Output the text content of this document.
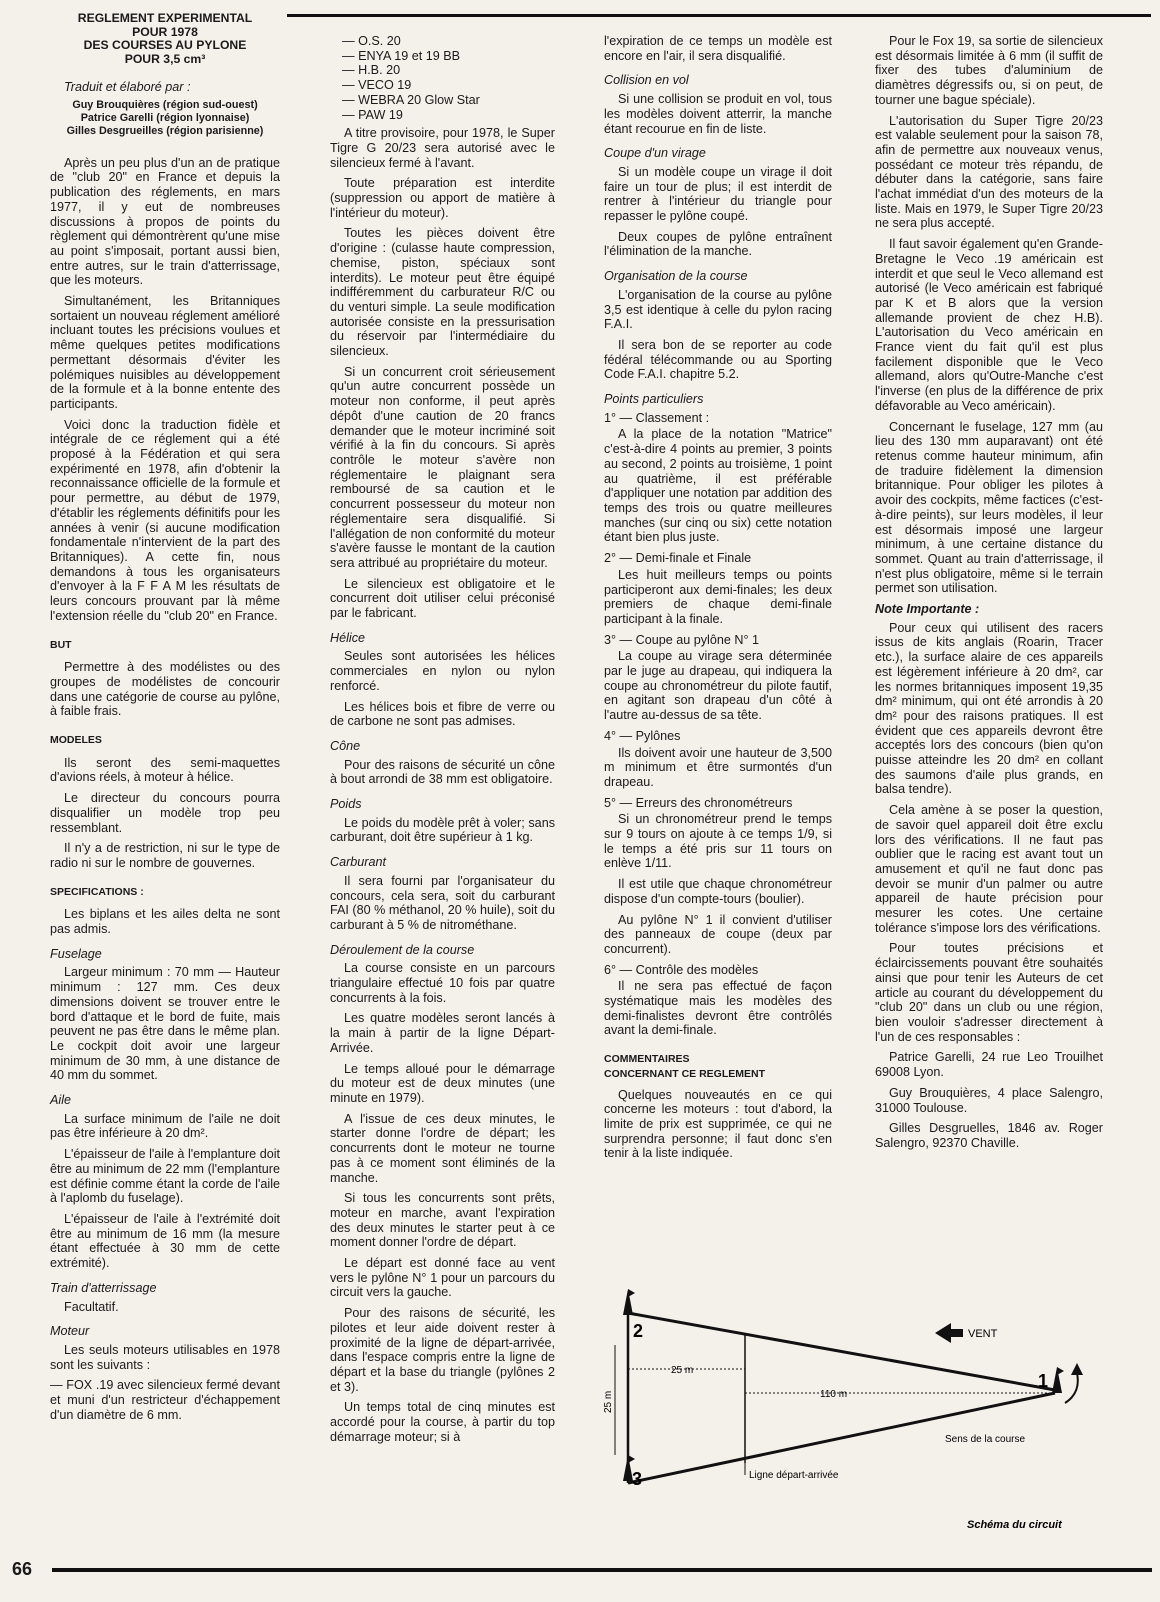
REGLEMENT EXPERIMENTAL
POUR 1978
DES COURSES AU PYLONE
POUR 3,5 cm³
Traduit et élaboré par :
Guy Brouquières (région sud-ouest)
Patrice Garelli (région lyonnaise)
Gilles Desgrueilles (région parisienne)

Après un peu plus d'un an de pratique de "club 20" en France et depuis la publication des réglements, en mars 1977, il y eut de nombreuses discussions à propos de points du règlement qui démontrèrent qu'une mise au point s'imposait, portant aussi bien, entre autres, sur le train d'atterrissage, que les moteurs.

Simultanément, les Britanniques sortaient un nouveau réglement amélioré incluant toutes les précisions voulues et même quelques petites modifications permettant désormais d'éviter les polémiques nuisibles au développement de la formule et à la bonne entente des participants.

Voici donc la traduction fidèle et intégrale de ce réglement qui a été proposé à la Fédération et qui sera expérimenté en 1978, afin d'obtenir la reconnaissance officielle de la formule et pour permettre, au début de 1979, d'établir les réglements définitifs pour les années à venir (si aucune modification fondamentale n'intervient de la part des Britanniques). A cette fin, nous demandons à tous les organisateurs d'envoyer à la F F A M les résultats de leurs concours prouvant par là même l'extension réelle du "club 20" en France.

BUT

Permettre à des modélistes ou des groupes de modélistes de concourir dans une catégorie de course au pylône, à faible frais.

MODELES

Ils seront des semi-maquettes d'avions réels, à moteur à hélice.

Le directeur du concours pourra disqualifier un modèle trop peu ressemblant.

Il n'y a de restriction, ni sur le type de radio ni sur le nombre de gouvernes.

SPECIFICATIONS :

Les biplans et les ailes delta ne sont pas admis.

Fuselage

Largeur minimum : 70 mm — Hauteur minimum : 127 mm. Ces deux dimensions doivent se trouver entre le bord d'attaque et le bord de fuite, mais peuvent ne pas être dans le même plan. Le cockpit doit avoir une largeur minimum de 30 mm, à une distance de 40 mm du sommet.

Aile

La surface minimum de l'aile ne doit pas être inférieure à 20 dm².

L'épaisseur de l'aile à l'emplanture doit être au minimum de 22 mm (l'emplanture est définie comme étant la corde de l'aile à l'aplomb du fuselage).

L'épaisseur de l'aile à l'extrémité doit être au minimum de 16 mm (la mesure étant effectuée à 30 mm de cette extrémité).

Train d'atterrissage

Facultatif.

Moteur

Les seuls moteurs utilisables en 1978 sont les suivants :

— FOX .19 avec silencieux fermé devant et muni d'un restricteur d'échappement d'un diamètre de 6 mm.

— O.S. 20
— ENYA 19 et 19 BB
— H.B. 20
— VECO 19
— WEBRA 20 Glow Star
— PAW 19

A titre provisoire, pour 1978, le Super Tigre G 20/23 sera autorisé avec le silencieux fermé à l'avant.

Toute préparation est interdite (suppression ou apport de matière à l'intérieur du moteur).

Toutes les pièces doivent être d'origine : (culasse haute compression, chemise, piston, spéciaux sont interdits). Le moteur peut être équipé indifféremment du carburateur R/C ou du venturi simple. La seule modification autorisée consiste en la pressurisation du réservoir par l'intermédiaire du silencieux.

Si un concurrent croit sérieusement qu'un autre concurrent possède un moteur non conforme, il peut après dépôt d'une caution de 20 francs demander que le moteur incriminé soit vérifié à la fin du concours. Si après contrôle le moteur s'avère non réglementaire le plaignant sera remboursé de sa caution et le concurrent possesseur du moteur non réglementaire sera disqualifié. Si l'allégation de non conformité du moteur s'avère fausse le montant de la caution sera attribué au propriétaire du moteur.

Le silencieux est obligatoire et le concurrent doit utiliser celui préconisé par le fabricant.

Hélice

Seules sont autorisées les hélices commerciales en nylon ou nylon renforcé.

Les hélices bois et fibre de verre ou de carbone ne sont pas admises.

Cône

Pour des raisons de sécurité un cône à bout arrondi de 38 mm est obligatoire.

Poids

Le poids du modèle prêt à voler; sans carburant, doit être supérieur à 1 kg.

Carburant

Il sera fourni par l'organisateur du concours, cela sera, soit du carburant FAI (80 % méthanol, 20 % huile), soit du carburant à 5 % de nitrométhane.

Déroulement de la course

La course consiste en un parcours triangulaire effectué 10 fois par quatre concurrents à la fois.

Les quatre modèles seront lancés à la main à partir de la ligne Départ-Arrivée.

Le temps alloué pour le démarrage du moteur est de deux minutes (une minute en 1979).

A l'issue de ces deux minutes, le starter donne l'ordre de départ; les concurrents dont le moteur ne tourne pas à ce moment sont éliminés de la manche.

Si tous les concurrents sont prêts, moteur en marche, avant l'expiration des deux minutes le starter peut à ce moment donner l'ordre de départ.

Le départ est donné face au vent vers le pylône N° 1 pour un parcours du circuit vers la gauche.

Pour des raisons de sécurité, les pilotes et leur aide doivent rester à proximité de la ligne de départ-arrivée, dans l'espace compris entre la ligne de départ et la base du triangle (pylônes 2 et 3).

Un temps total de cinq minutes est accordé pour la course, à partir du top démarrage moteur; si à

l'expiration de ce temps un modèle est encore en l'air, il sera disqualifié.

Collision en vol

Si une collision se produit en vol, tous les modèles doivent atterrir, la manche étant recourue en fin de liste.

Coupe d'un virage

Si un modèle coupe un virage il doit faire un tour de plus; il est interdit de rentrer à l'intérieur du triangle pour repasser le pylône coupé.

Deux coupes de pylône entraînent l'élimination de la manche.

Organisation de la course

L'organisation de la course au pylône 3,5 est identique à celle du pylon racing F.A.I.

Il sera bon de se reporter au code fédéral télécommande ou au Sporting Code F.A.I. chapitre 5.2.

Points particuliers
1° — Classement :

A la place de la notation "Matrice" c'est-à-dire 4 points au premier, 3 points au second, 2 points au troisième, 1 point au quatrième, il est préférable d'appliquer une notation par addition des temps des trois ou quatre meilleures manches (sur cinq ou six) cette notation étant bien plus juste.

2° — Demi-finale et Finale

Les huit meilleurs temps ou points participeront aux demi-finales; les deux premiers de chaque demi-finale participant à la finale.

3° — Coupe au pylône N° 1

La coupe au virage sera déterminée par le juge au drapeau, qui indiquera la coupe au chronométreur du pilote fautif, en agitant son drapeau d'un côté à l'autre au-dessus de sa tête.

4° — Pylônes

Ils doivent avoir une hauteur de 3,500 m minimum et être surmontés d'un drapeau.

5° — Erreurs des chronométreurs

Si un chronométreur prend le temps sur 9 tours on ajoute à ce temps 1/9, si le temps a été pris sur 11 tours on enlève 1/11.

Il est utile que chaque chronométreur dispose d'un compte-tours (boulier).

Au pylône N° 1 il convient d'utiliser des panneaux de coupe (deux par concurrent).

6° — Contrôle des modèles

Il ne sera pas effectué de façon systématique mais les modèles des demi-finalistes devront être contrôlés avant la demi-finale.

COMMENTAIRES
CONCERNANT CE REGLEMENT

Quelques nouveautés en ce qui concerne les moteurs : tout d'abord, la limite de prix est supprimée, ce qui ne surprendra personne; il faut donc s'en tenir à la liste indiquée.

Pour le Fox 19, sa sortie de silencieux est désormais limitée à 6 mm (il suffit de fixer des tubes d'aluminium de diamètres dégressifs ou, si on peut, de tourner une bague spéciale).

L'autorisation du Super Tigre 20/23 est valable seulement pour la saison 78, afin de permettre aux nouveaux venus, possédant ce moteur très répandu, de débuter dans la catégorie, sans faire l'achat immédiat d'un des moteurs de la liste. Mais en 1979, le Super Tigre 20/23 ne sera plus accepté.

Il faut savoir également qu'en Grande-Bretagne le Veco .19 américain est interdit et que seul le Veco allemand est autorisé (le Veco américain est fabriqué par K et B alors que la version allemande provient de chez H.B). L'autorisation du Veco américain en France vient du fait qu'il est plus facilement disponible que le Veco allemand, alors qu'Outre-Manche c'est l'inverse (en plus de la différence de prix défavorable au Veco américain).

Concernant le fuselage, 127 mm (au lieu des 130 mm auparavant) ont été retenus comme hauteur minimum, afin de traduire fidèlement la dimension britannique. Pour obliger les pilotes à avoir des cockpits, même factices (c'est-à-dire peints), sur leurs modèles, il leur est désormais imposé une largeur minimum, à une certaine distance du sommet. Quant au train d'atterrissage, il n'est plus obligatoire, même si le terrain permet son utilisation.

Note Importante :

Pour ceux qui utilisent des racers issus de kits anglais (Roarin, Tracer etc.), la surface alaire de ces appareils est légèrement inférieure à 20 dm², car les normes britanniques imposent 19,35 dm² minimum, qui ont été arrondis à 20 dm² pour des raisons pratiques. Il est évident que ces appareils devront être acceptés lors des concours (bien qu'on puisse atteindre les 20 dm² en collant des saumons d'aile plus grands, en balsa tendre).

Cela amène à se poser la question, de savoir quel appareil doit être exclu lors des vérifications. Il ne faut pas oublier que le racing est avant tout un amusement et qu'il ne faut donc pas devoir se munir d'un palmer ou autre appareil de haute précision pour mesurer les cotes. Une certaine tolérance s'impose lors des vérifications.

Pour toutes précisions et éclaircissements pouvant être souhaités ainsi que pour tenir les Auteurs de cet article au courant du développement du "club 20" dans un club ou une région, bien vouloir s'adresser directement à l'un de ces responsables :

Patrice Garelli, 24 rue Leo Trouilhet 69008 Lyon.

Guy Brouquières, 4 place Salengro, 31000 Toulouse.

Gilles Desgruelles, 1846 av. Roger Salengro, 92370 Chaville.

2
3
1
VENT
25 m
110 m
25 m
Sens de la course
Ligne départ-arrivée
Schéma du circuit
66
